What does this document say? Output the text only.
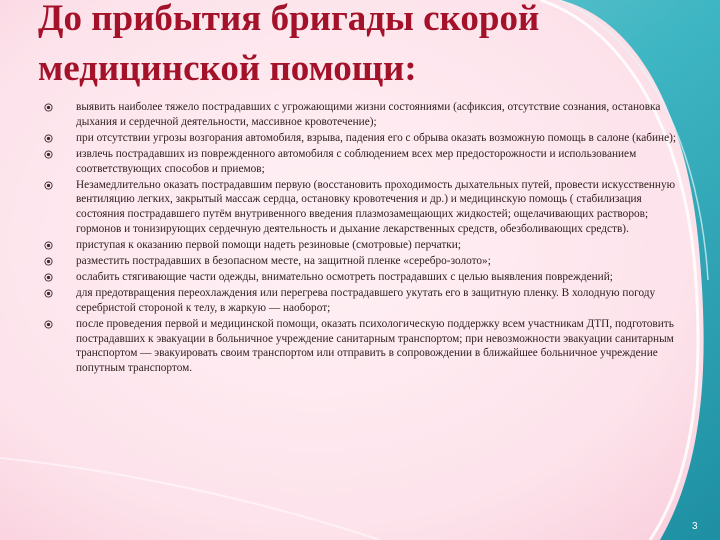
До прибытия бригады скорой
медицинской помощи:
выявить наиболее тяжело пострадавших с угрожающими жизни состояниями (асфиксия, отсутствие сознания, остановка дыхания и сердечной деятельности, массивное кровотечение);
при отсутствии угрозы возгорания автомобиля, взрыва, падения его с обрыва оказать возможную помощь в салоне (кабине);
извлечь пострадавших из поврежденного автомобиля с соблюдением всех мер предосторожности и использованием соответствующих способов и приемов;
Незамедлительно оказать пострадавшим первую (восстановить проходимость дыхательных путей, провести искусственную вентиляцию легких, закрытый массаж сердца, остановку кровотечения и др.) и медицинскую помощь ( стабилизация состояния пострадавшего путём внутривенного введения плазмозамещающих жидкостей; ощелачивающих растворов; гормонов и тонизирующих сердечную деятельность и дыхание лекарственных средств, обезболивающих средств).
приступая к оказанию первой помощи надеть резиновые (смотровые) перчатки;
разместить пострадавших в безопасном месте, на защитной пленке «серебро-золото»;
ослабить стягивающие части одежды, внимательно осмотреть пострадавших с целью выявления повреждений;
для предотвращения переохлаждения или перегрева пострадавшего укутать его в защитную пленку. В холодную погоду серебристой стороной к телу, в жаркую — наоборот;
после проведения первой и медицинской помощи, оказать психологическую поддержку всем участникам ДТП, подготовить пострадавших к эвакуации в больничное учреждение санитарным транспортом; при невозможности эвакуации санитарным транспортом — эвакуировать своим транспортом или отправить в сопровождении в ближайшее больничное учреждение попутным транспортом.
3
